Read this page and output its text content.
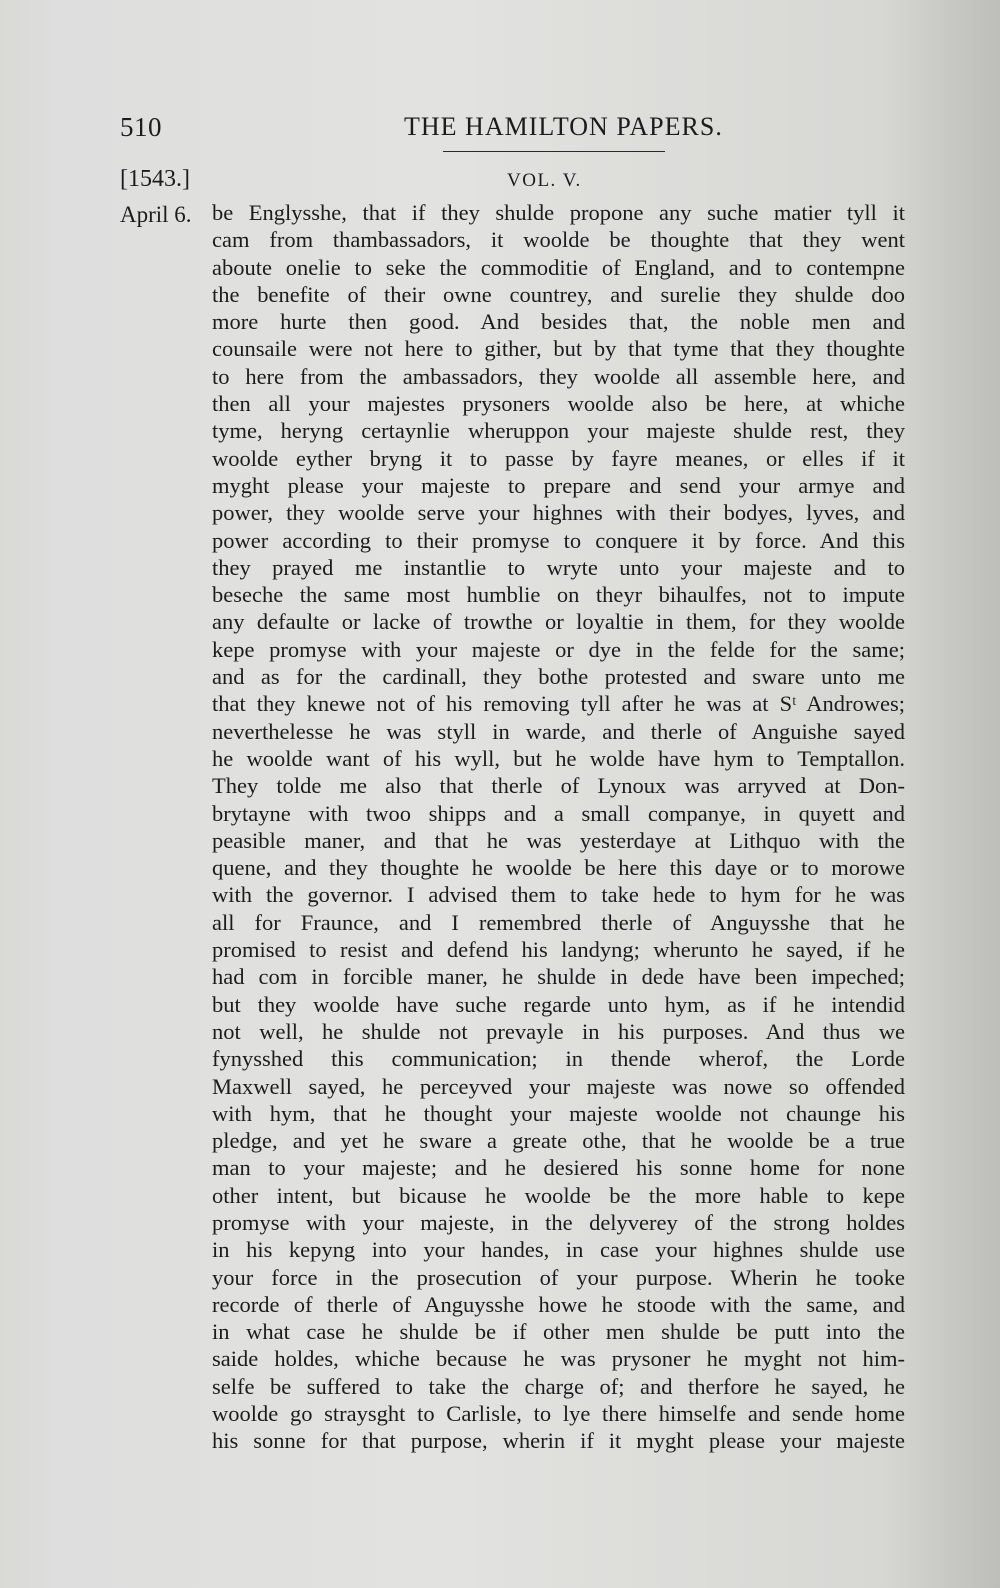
510	THE HAMILTON PAPERS.
[1543.]	VOL. V.
April 6. be Englysshe, that if they shulde propone any suche matier tyll it
cam from thambassadors, it woolde be thoughte that they went
aboute onelie to seke the commoditie of England, and to contempne
the benefite of their owne countrey, and surelie they shulde doo
more hurte then good. And besides that, the noble men and
counsaile were not here to gither, but by that tyme that they thoughte
to here from the ambassadors, they woolde all assemble here, and
then all your majestes prysoners woolde also be here, at whiche
tyme, heryng certaynlie wheruppon your majeste shulde rest, they
woolde eyther bryng it to passe by fayre meanes, or elles if it
myght please your majeste to prepare and send your armye and
power, they woolde serve your highnes with their bodyes, lyves, and
power according to their promyse to conquere it by force. And this
they prayed me instantlie to wryte unto your majeste and to
beseche the same most humblie on theyr bihaulfes, not to impute
any defaulte or lacke of trowthe or loyaltie in them, for they woolde
kepe promyse with your majeste or dye in the felde for the same;
and as for the cardinall, they bothe protested and sware unto me
that they knewe not of his removing tyll after he was at Sᵗ Androwes;
neverthelesse he was styll in warde, and therle of Anguishe sayed
he woolde want of his wyll, but he wolde have hym to Temptallon.
They tolde me also that therle of Lynoux was arryved at Don-
brytayne with twoo shipps and a small companye, in quyett and
peasible maner, and that he was yesterdaye at Lithquo with the
quene, and they thoughte he woolde be here this daye or to morowe
with the governor. I advised them to take hede to hym for he was
all for Fraunce, and I remembred therle of Anguysshe that he
promised to resist and defend his landyng; wherunto he sayed, if he
had com in forcible maner, he shulde in dede have been impeched;
but they woolde have suche regarde unto hym, as if he intendid
not well, he shulde not prevayle in his purposes. And thus we
fynysshed this communication; in thende wherof, the Lorde
Maxwell sayed, he perceyved your majeste was nowe so offended
with hym, that he thought your majeste woolde not chaunge his
pledge, and yet he sware a greate othe, that he woolde be a true
man to your majeste; and he desiered his sonne home for none
other intent, but bicause he woolde be the more hable to kepe
promyse with your majeste, in the delyverey of the strong holdes
in his kepyng into your handes, in case your highnes shulde use
your force in the prosecution of your purpose. Wherin he tooke
recorde of therle of Anguysshe howe he stoode with the same, and
in what case he shulde be if other men shulde be putt into the
saide holdes, whiche because he was prysoner he myght not him-
selfe be suffered to take the charge of; and therfore he sayed, he
woolde go straysght to Carlisle, to lye there himselfe and sende home
his sonne for that purpose, wherin if it myght please your majeste
